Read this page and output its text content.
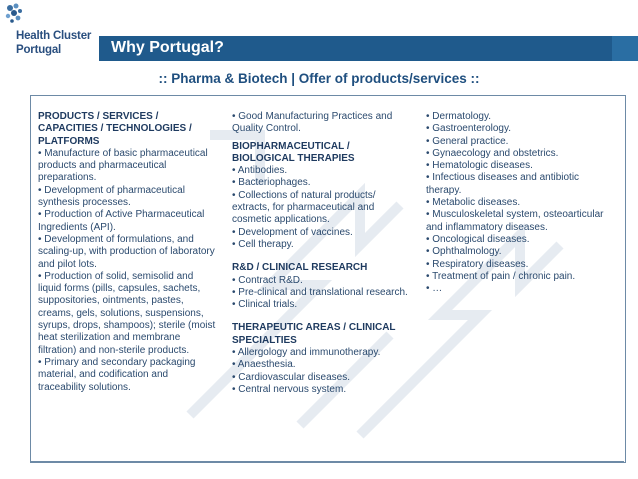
Health Cluster
Portugal	Why Portugal?
:: Pharma & Biotech | Offer of products/services ::
PRODUCTS / SERVICES / CAPACITIES / TECHNOLOGIES / PLATFORMS
• Manufacture of basic pharmaceutical products and pharmaceutical preparations.
• Development of pharmaceutical synthesis processes.
• Production of Active Pharmaceutical Ingredients (API).
• Development of formulations, and scaling-up, with production of laboratory and pilot lots.
• Production of solid, semisolid and liquid forms (pills, capsules, sachets, suppositories, ointments, pastes, creams, gels, solutions, suspensions, syrups, drops, shampoos); sterile (moist heat sterilization and membrane filtration) and non-sterile products.
• Primary and secondary packaging material, and codification and traceability solutions.
• Good Manufacturing Practices and Quality Control.
BIOPHARMACEUTICAL / BIOLOGICAL THERAPIES
• Antibodies.
• Bacteriophages.
• Collections of natural products/ extracts, for pharmaceutical and cosmetic applications.
• Development of vaccines.
• Cell therapy.
R&D / CLINICAL RESEARCH
• Contract R&D.
• Pre-clinical and translational research.
• Clinical trials.
THERAPEUTIC AREAS / CLINICAL SPECIALTIES
• Allergology and immunotherapy.
• Anaesthesia.
• Cardiovascular diseases.
• Central nervous system.
• Dermatology.
• Gastroenterology.
• General practice.
• Gynaecology and obstetrics.
• Hematologic diseases.
• Infectious diseases and antibiotic therapy.
• Metabolic diseases.
• Musculoskeletal system, osteoarticular and inflammatory diseases.
• Oncological diseases.
• Ophthalmology.
• Respiratory diseases.
• Treatment of pain / chronic pain.
• …
